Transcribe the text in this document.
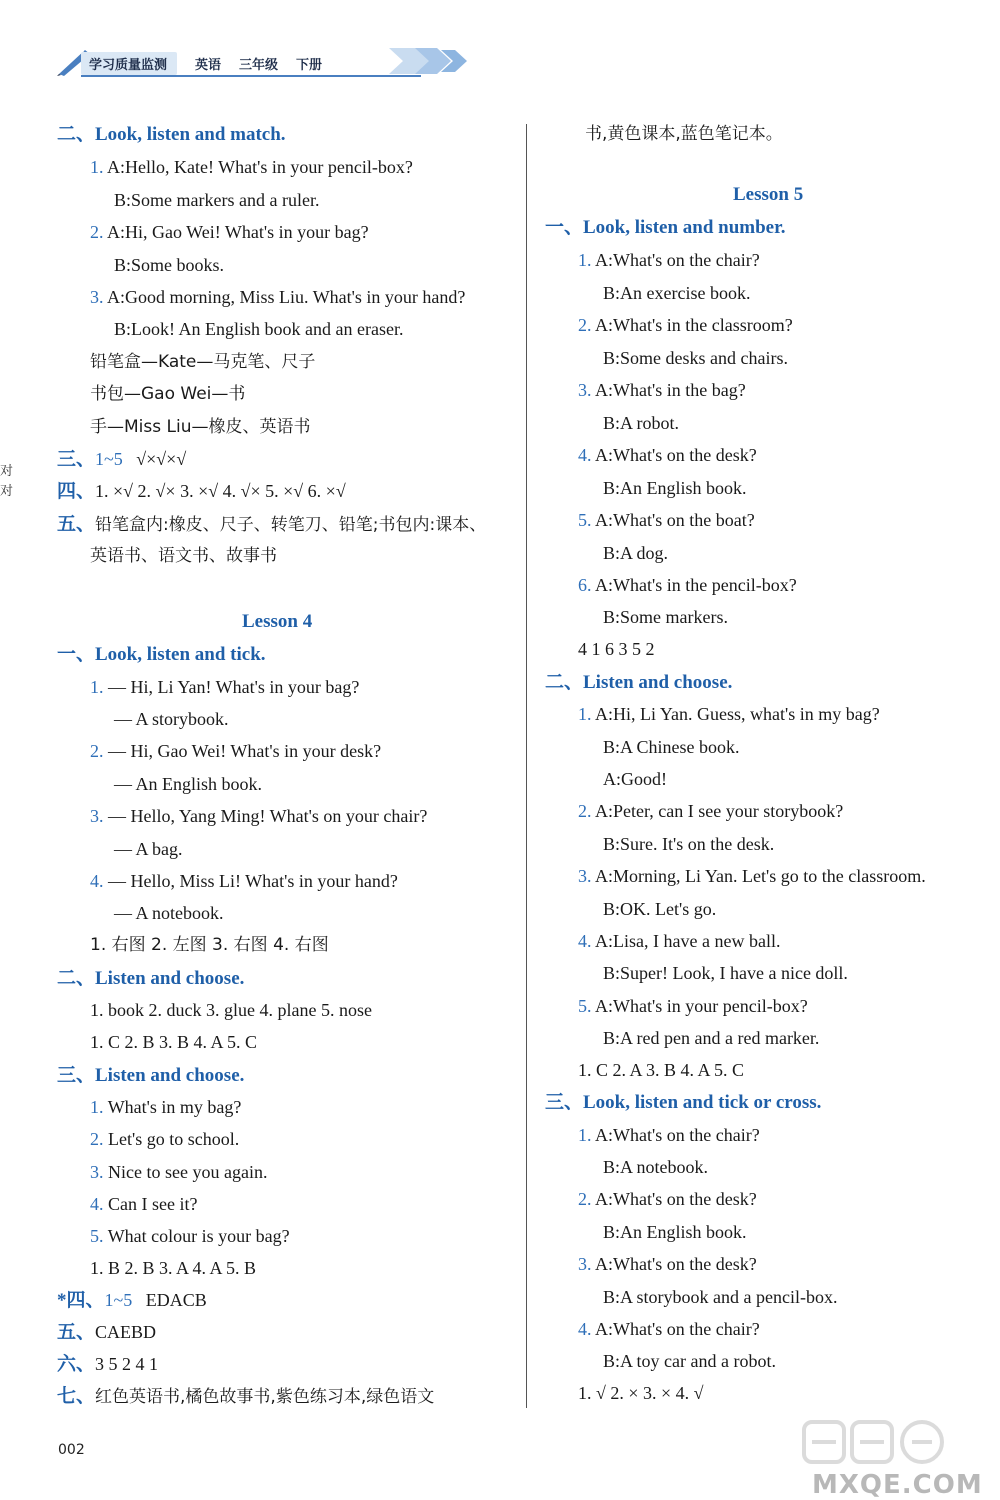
学习质量监测	英语 三年级 下册
对对
二、Look, listen and match.
1. A:Hello, Kate! What's in your pencil-box?
B:Some markers and a ruler.
2. A:Hi, Gao Wei! What's in your bag?
B:Some books.
3. A:Good morning, Miss Liu. What's in your hand?
B:Look! An English book and an eraser.
铅笔盒—Kate—马克笔、尺子
书包—Gao Wei—书
手—Miss Liu—橡皮、英语书
三、1~5 √×√×√
四、1. ×√ 2. √× 3. ×√ 4. √× 5. ×√ 6. ×√
五、铅笔盒内:橡皮、尺子、转笔刀、铅笔;书包内:课本、
英语书、语文书、故事书
Lesson 4
一、Look, listen and tick.
1. — Hi, Li Yan! What's in your bag?
— A storybook.
2. — Hi, Gao Wei! What's in your desk?
— An English book.
3. — Hello, Yang Ming! What's on your chair?
— A bag.
4. — Hello, Miss Li! What's in your hand?
— A notebook.
1. 右图 2. 左图 3. 右图 4. 右图
二、Listen and choose.
1. book 2. duck 3. glue 4. plane 5. nose
1. C 2. B 3. B 4. A 5. C
三、Listen and choose.
1. What's in my bag?
2. Let's go to school.
3. Nice to see you again.
4. Can I see it?
5. What colour is your bag?
1. B 2. B 3. A 4. A 5. B
*四、1~5 EDACB
五、CAEBD
六、3 5 2 4 1
七、红色英语书,橘色故事书,紫色练习本,绿色语文
书,黄色课本,蓝色笔记本。
Lesson 5
一、Look, listen and number.
1. A:What's on the chair?
B:An exercise book.
2. A:What's in the classroom?
B:Some desks and chairs.
3. A:What's in the bag?
B:A robot.
4. A:What's on the desk?
B:An English book.
5. A:What's on the boat?
B:A dog.
6. A:What's in the pencil-box?
B:Some markers.
4 1 6 3 5 2
二、Listen and choose.
1. A:Hi, Li Yan. Guess, what's in my bag?
B:A Chinese book.
A:Good!
2. A:Peter, can I see your storybook?
B:Sure. It's on the desk.
3. A:Morning, Li Yan. Let's go to the classroom.
B:OK. Let's go.
4. A:Lisa, I have a new ball.
B:Super! Look, I have a nice doll.
5. A:What's in your pencil-box?
B:A red pen and a red marker.
1. C 2. A 3. B 4. A 5. C
三、Look, listen and tick or cross.
1. A:What's on the chair?
B:A notebook.
2. A:What's on the desk?
B:An English book.
3. A:What's on the desk?
B:A storybook and a pencil-box.
4. A:What's on the chair?
B:A toy car and a robot.
1. √ 2. × 3. × 4. √
002
MXQE.COM
